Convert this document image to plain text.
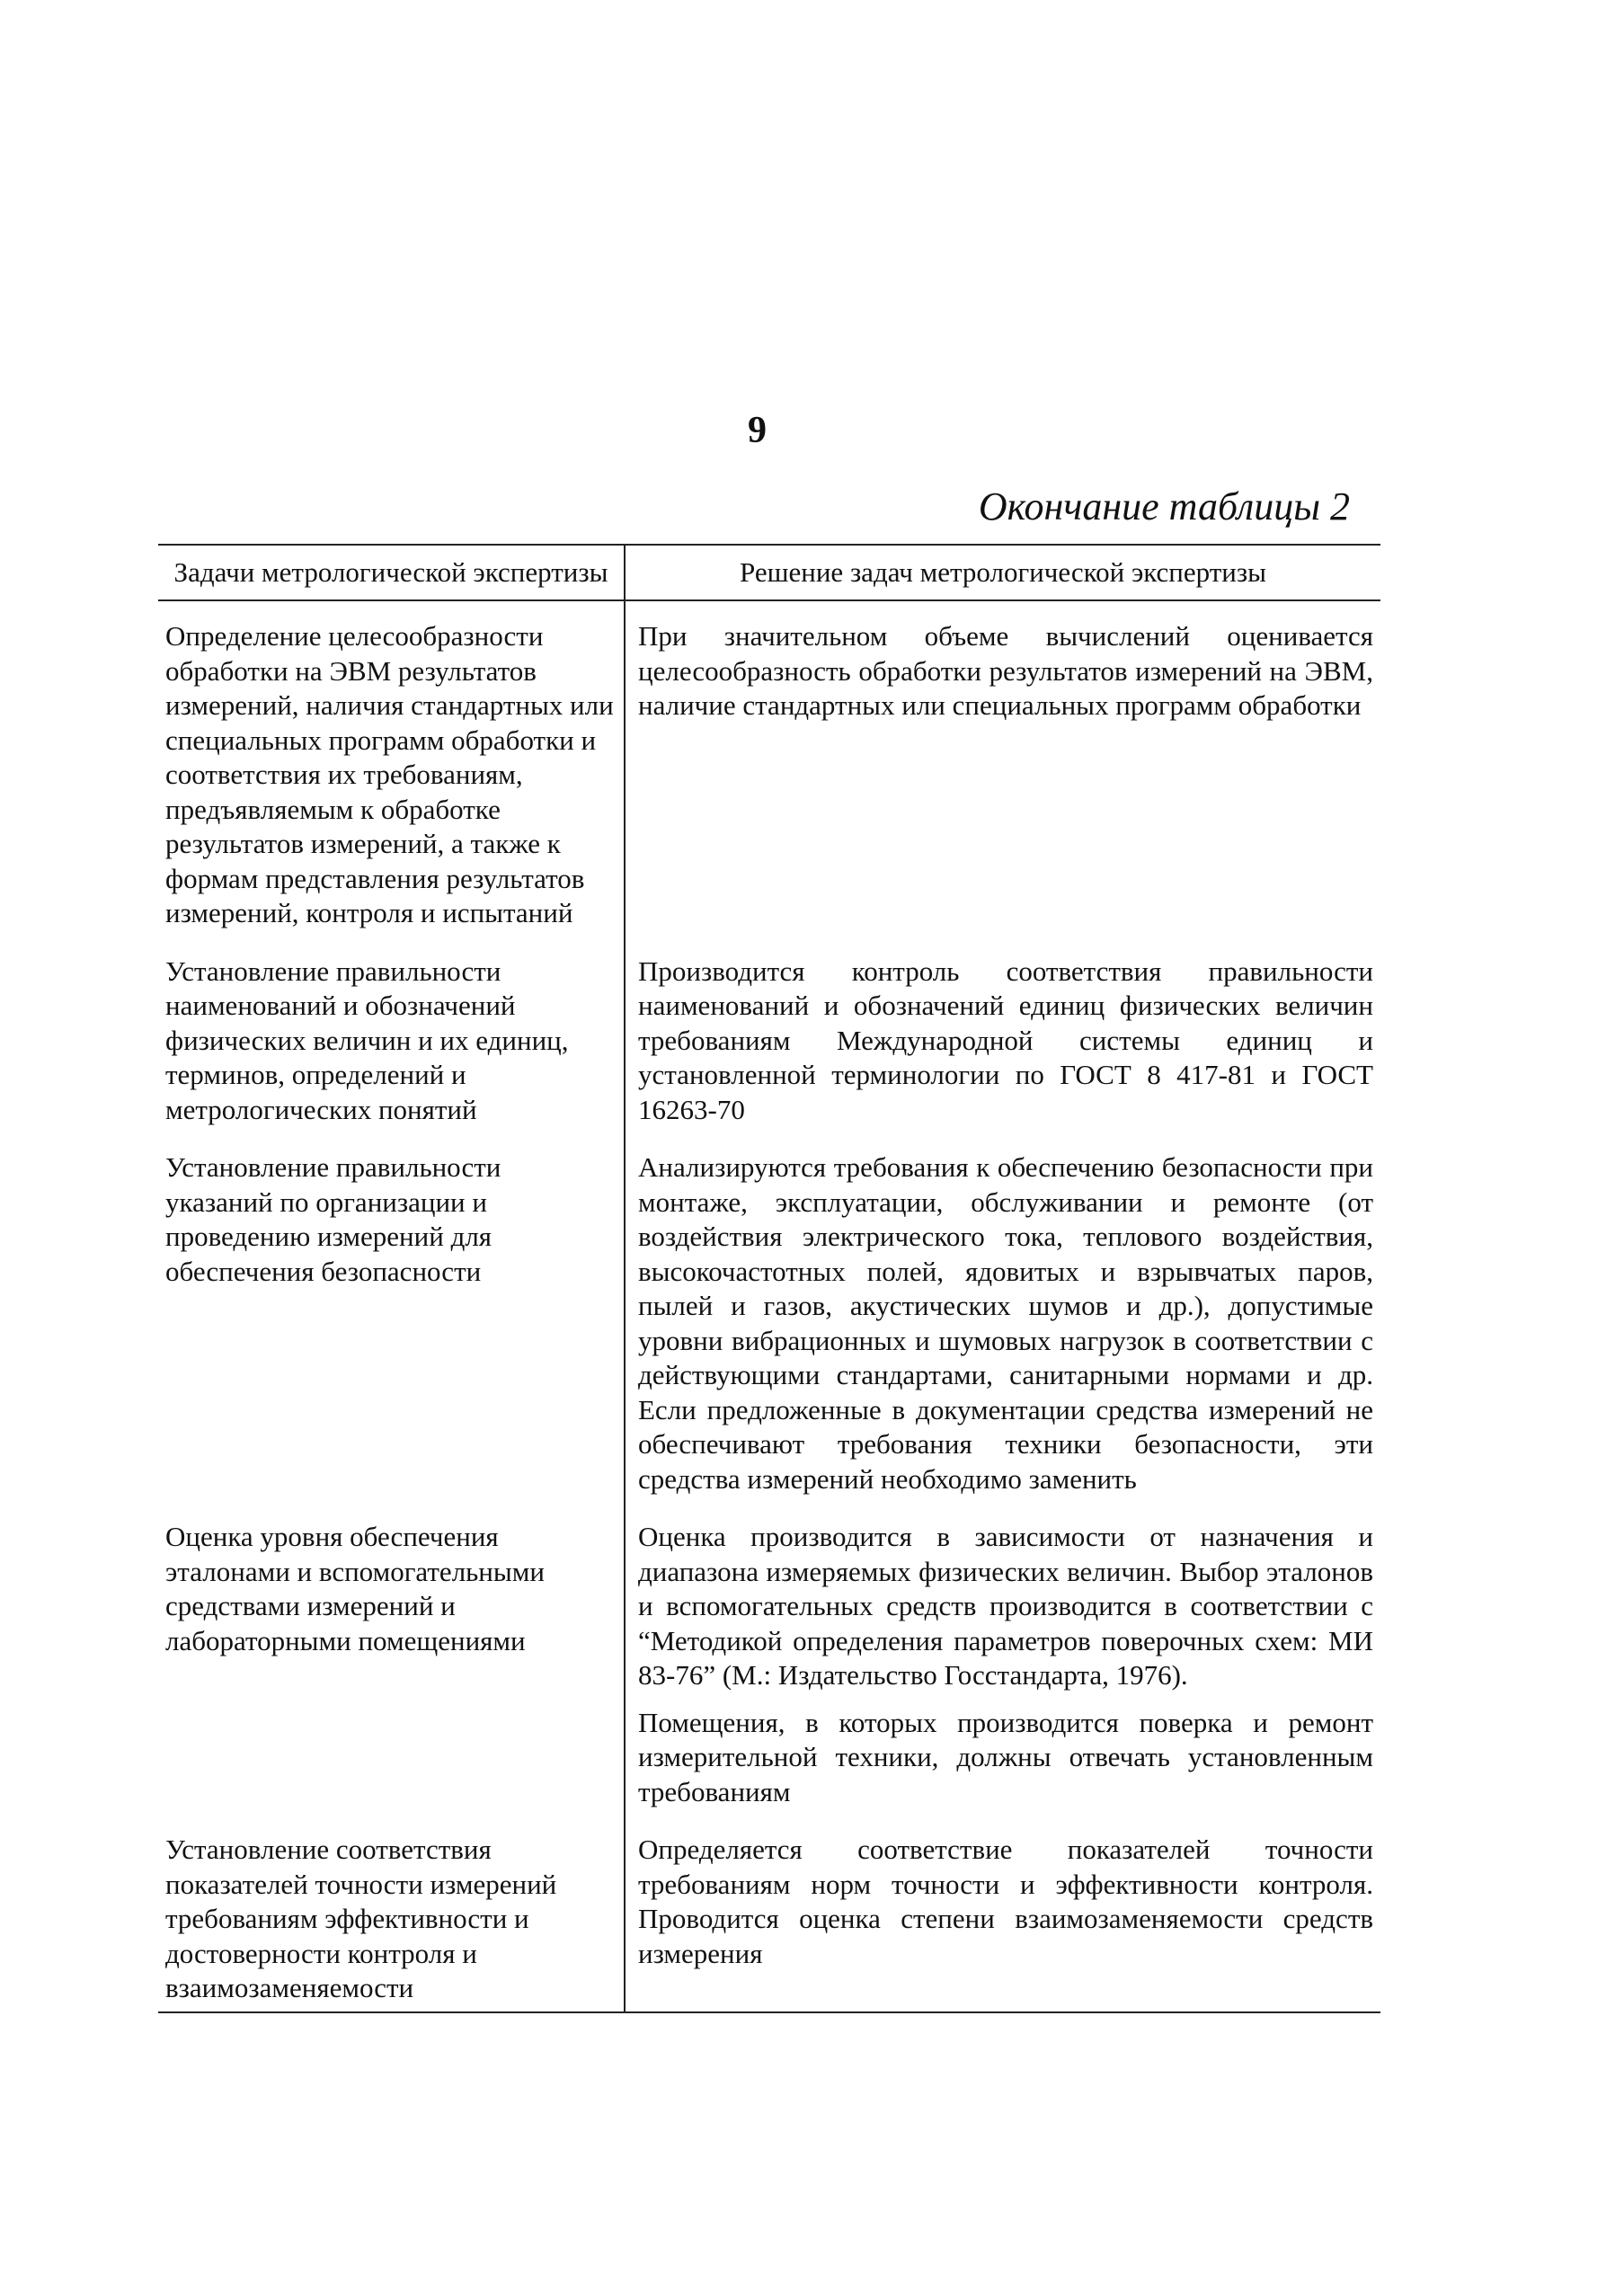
9
Окончание таблицы 2
Задачи метрологической экспертизы	Решение задач метрологической экспертизы
Определение целесообразности обработки на ЭВМ результатов измерений, наличия стандартных или специальных программ обработки и соответствия их требованиям, предъявляемым к обработке результатов измерений, а также к формам представления результатов измерений, контроля и испытаний	При значительном объеме вычислений оценивается целесообразность обработки результатов измерений на ЭВМ, наличие стандартных или специальных программ обработки

Установление правильности наименований и обозначений физических величин и их единиц, терминов, определений и метрологических понятий	Производится контроль соответствия правильности наименований и обозначений единиц физических величин требованиям Международной системы единиц и установленной терминологии по ГОСТ 8 417-81 и ГОСТ 16263-70

Установление правильности указаний по организации и проведению измерений для обеспечения безопасности	Анализируются требования к обеспечению безопасности при монтаже, эксплуатации, обслуживании и ремонте (от воздействия электрического тока, теплового воздействия, высокочастотных полей, ядовитых и взрывчатых паров, пылей и газов, акустических шумов и др.), допустимые уровни вибрационных и шумовых нагрузок в соответствии с действующими стандартами, санитарными нормами и др. Если предложенные в документации средства измерений не обеспечивают требования техники безопасности, эти средства измерений необходимо заменить

Оценка уровня обеспечения эталонами и вспомогательными средствами измерений и лабораторными помещениями	Оценка производится в зависимости от назначения и диапазона измеряемых физических величин. Выбор эталонов и вспомогательных средств производится в соответствии с “Методикой определения параметров поверочных схем: МИ 83-76” (М.: Издательство Госстандарта, 1976).
Помещения, в которых производится поверка и ремонт измерительной техники, должны отвечать установленным требованиям

Установление соответствия показателей точности измерений требованиям эффективности и достоверности контроля и взаимозаменяемости	Определяется соответствие показателей точности требованиям норм точности и эффективности контроля. Проводится оценка степени взаимозаменяемости средств измерения
